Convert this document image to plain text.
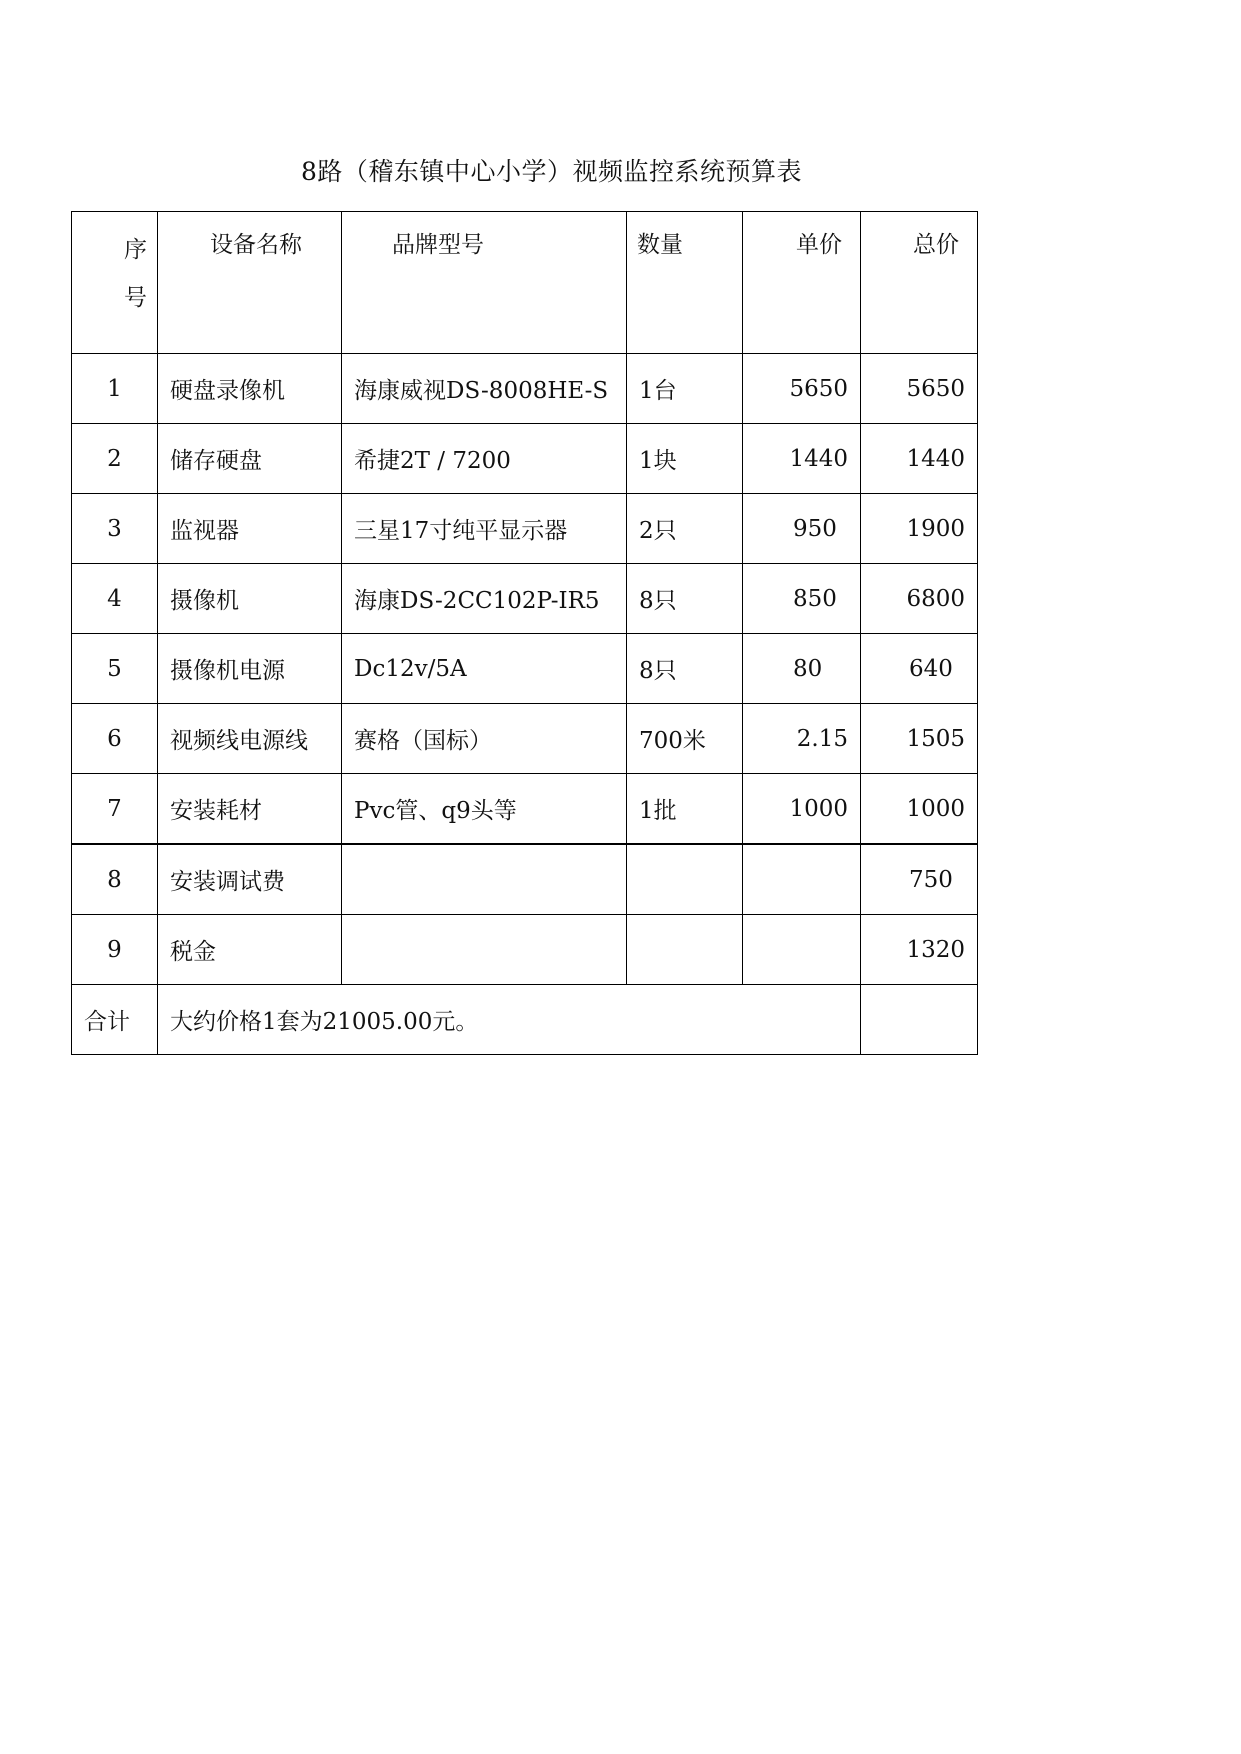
8路（稽东镇中心小学）视频监控系统预算表
序
号	设备名称	品牌型号	数量	单价	总价
1	硬盘录像机	海康威视DS-8008HE-S	1台	5650	5650
2	储存硬盘	希捷2T / 7200	1块	1440	1440
3	监视器	三星17寸纯平显示器	2只	950	1900
4	摄像机	海康DS-2CC102P-IR5	8只	850	6800
5	摄像机电源	Dc12v/5A	8只	80	640
6	视频线电源线	赛格（国标）	700米	2.15	1505
7	安装耗材	Pvc管、q9头等	1批	1000	1000
8	安装调试费				750
9	税金				1320
合计	大约价格1套为21005.00元。				
